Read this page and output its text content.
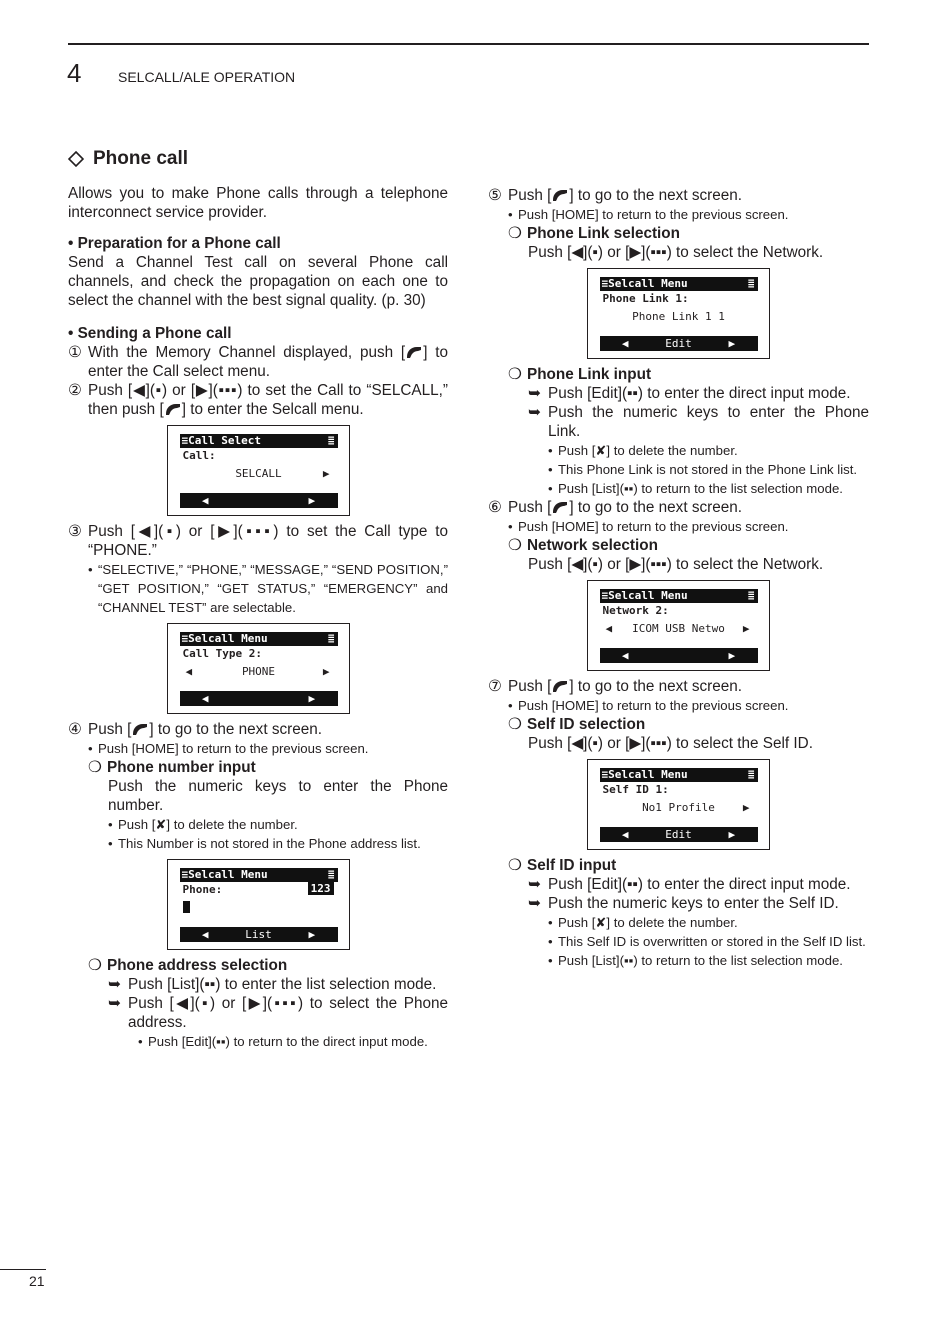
4	SELCALL/ALE OPERATION
Phone call

Allows you to make Phone calls through a telephone interconnect service provider.

• Preparation for a Phone call

Send a Channel Test call on several Phone call channels, and check the propagation on each one to select the channel with the best signal quality. (p. 30)

• Sending a Phone call

① With the Memory Channel displayed, push [ ] to enter the Call select menu.
② Push [◀](▪) or [▶](▪▪▪) to set the Call to “SELCALL,” then push [ ] to enter the Selcall menu.
≡Call Select	≣
Call:
SELCALL	▶
◀	▶
③ Push [◀](▪) or [▶](▪▪▪) to set the Call type to “PHONE.”
• “SELECTIVE,” “PHONE,” “MESSAGE,” “SEND POSITION,” “GET POSITION,” “GET STATUS,” “EMERGENCY” and “CHANNEL TEST” are selectable.
≡Selcall Menu	≣
Call Type 2:
◀	PHONE	▶
◀	▶
④ Push [ ] to go to the next screen.
• Push [HOME] to return to the previous screen.
❍ Phone number input

Push the numeric keys to enter the Phone number.

• Push [✘] to delete the number.
• This Number is not stored in the Phone address list.
≡Selcall Menu	≣
Phone:	123
◀	List	▶
❍ Phone address selection
➥ Push [List](▪▪) to enter the list selection mode.
➥ Push [◀](▪) or [▶](▪▪▪) to select the Phone address.
• Push [Edit](▪▪) to return to the direct input mode.
⑤ Push [ ] to go to the next screen.
• Push [HOME] to return to the previous screen.
❍ Phone Link selection

Push [◀](▪) or [▶](▪▪▪) to select the Network.

≡Selcall Menu	≣
Phone Link 1:
Phone Link 1 1
◀	Edit	▶
❍ Phone Link input
➥ Push [Edit](▪▪) to enter the direct input mode.
➥ Push the numeric keys to enter the Phone Link.
• Push [✘] to delete the number.
• This Phone Link is not stored in the Phone Link list.
• Push [List](▪▪) to return to the list selection mode.
⑥ Push [ ] to go to the next screen.
• Push [HOME] to return to the previous screen.
❍ Network selection

Push [◀](▪) or [▶](▪▪▪) to select the Network.

≡Selcall Menu	≣
Network 2:
◀ ICOM USB Netwo ▶
◀	▶
⑦ Push [ ] to go to the next screen.
• Push [HOME] to return to the previous screen.
❍ Self ID selection

Push [◀](▪) or [▶](▪▪▪) to select the Self ID.

≡Selcall Menu	≣
Self ID 1:
No1 Profile	▶
◀	Edit	▶
❍ Self ID input
➥ Push [Edit](▪▪) to enter the direct input mode.
➥ Push the numeric keys to enter the Self ID.
• Push [✘] to delete the number.
• This Self ID is overwritten or stored in the Self ID list.
• Push [List](▪▪) to return to the list selection mode.
21
